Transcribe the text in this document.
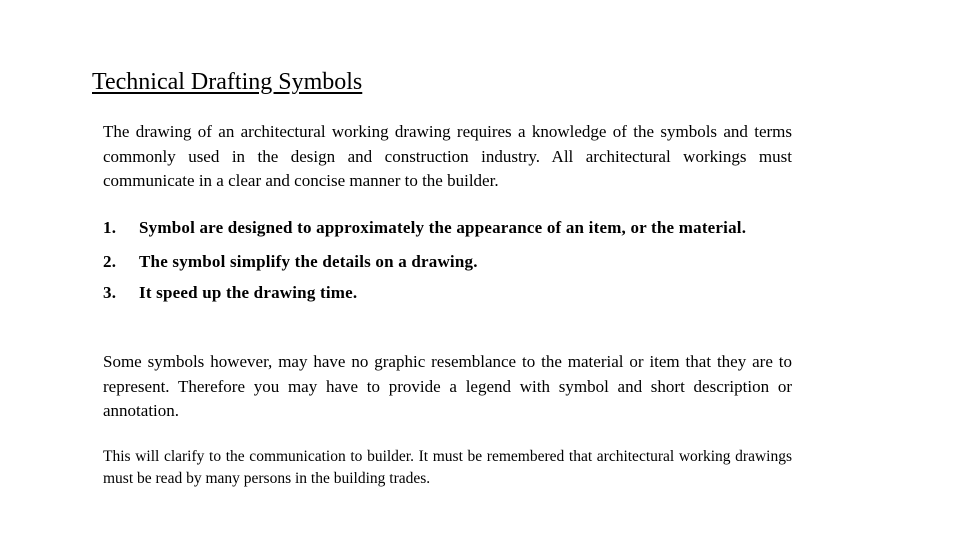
Technical Drafting Symbols

The drawing of an architectural working drawing requires a knowledge of the symbols and terms commonly used in the design and construction industry. All architectural workings must communicate in a clear and concise manner to the builder.

1. Symbol are designed to approximately the appearance of an item, or the material.
2. The symbol simplify the details on a drawing.
3. It speed up the drawing time.

Some symbols however, may have no graphic resemblance to the material or item that they are to represent. Therefore you may have to provide a legend with symbol and short description or annotation.

This will clarify to the communication to builder. It must be remembered that architectural working drawings must be read by many persons in the building trades.
